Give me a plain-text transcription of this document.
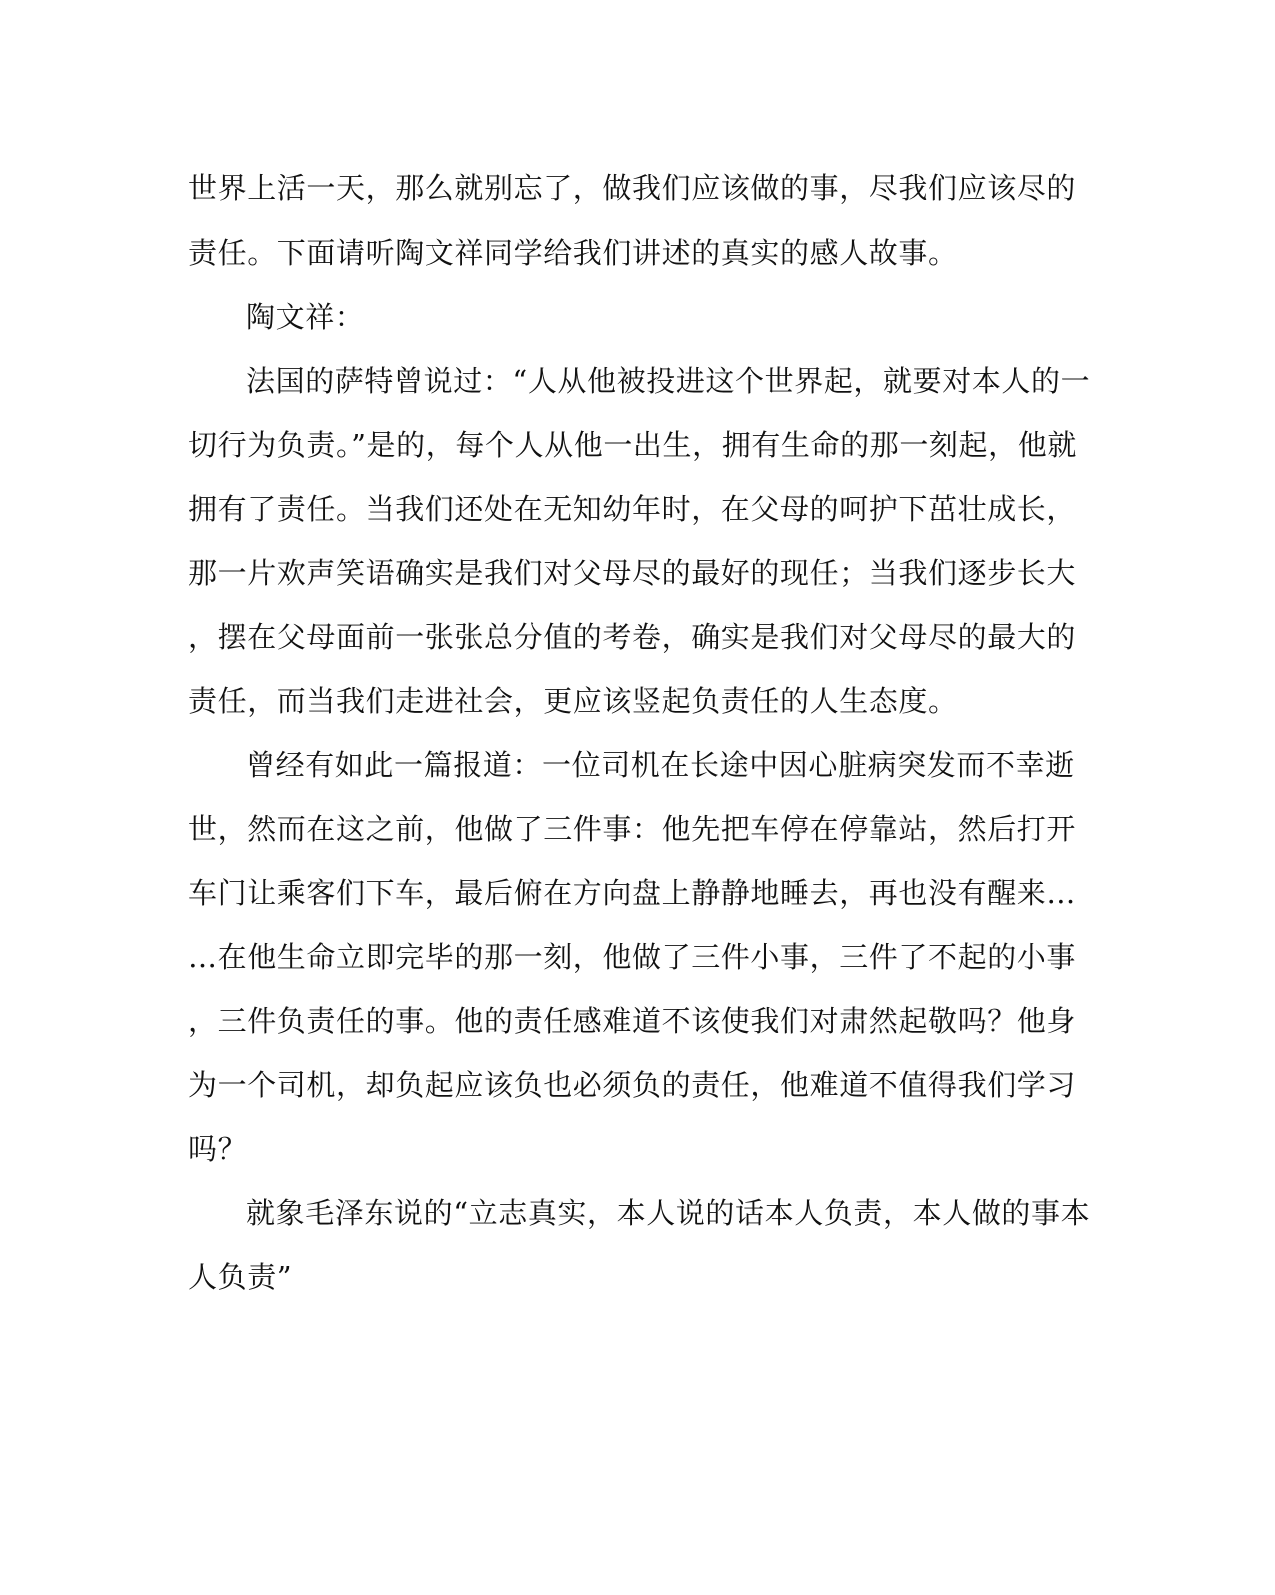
世界上活一天，那么就别忘了，做我们应该做的事，尽我们应该尽的
责任。下面请听陶文祥同学给我们讲述的真实的感人故事。
陶文祥：
法国的萨特曾说过：“人从他被投进这个世界起，就要对本人的一
切行为负责。”是的，每个人从他一出生，拥有生命的那一刻起，他就
拥有了责任。当我们还处在无知幼年时，在父母的呵护下茁壮成长，
那一片欢声笑语确实是我们对父母尽的最好的现任；当我们逐步长大
，摆在父母面前一张张总分值的考卷，确实是我们对父母尽的最大的
责任，而当我们走进社会，更应该竖起负责任的人生态度。
曾经有如此一篇报道：一位司机在长途中因心脏病突发而不幸逝
世，然而在这之前，他做了三件事：他先把车停在停靠站，然后打开
车门让乘客们下车，最后俯在方向盘上静静地睡去，再也没有醒来…
…在他生命立即完毕的那一刻，他做了三件小事，三件了不起的小事
，三件负责任的事。他的责任感难道不该使我们对肃然起敬吗？他身
为一个司机，却负起应该负也必须负的责任，他难道不值得我们学习
吗？
就象毛泽东说的“立志真实，本人说的话本人负责，本人做的事本
人负责”
